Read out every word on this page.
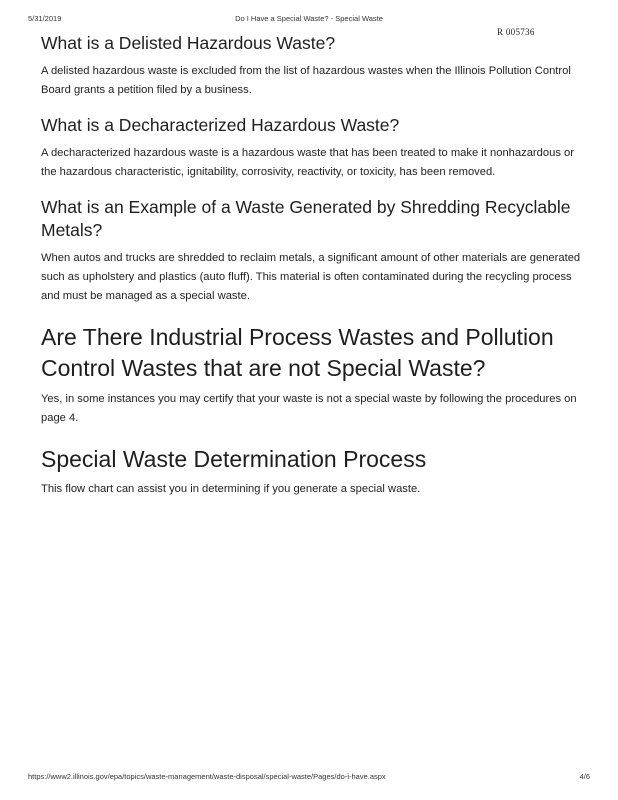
5/31/2019	Do I Have a Special Waste? - Special Waste
R 005736
What is a Delisted Hazardous Waste?

A delisted hazardous waste is excluded from the list of hazardous wastes when the Illinois Pollution Control Board grants a petition filed by a business.

What is a Decharacterized Hazardous Waste?

A decharacterized hazardous waste is a hazardous waste that has been treated to make it nonhazardous or the hazardous characteristic, ignitability, corrosivity, reactivity, or toxicity, has been removed.

What is an Example of a Waste Generated by Shredding Recyclable Metals?

When autos and trucks are shredded to reclaim metals, a significant amount of other materials are generated such as upholstery and plastics (auto fluff). This material is often contaminated during the recycling process and must be managed as a special waste.

Are There Industrial Process Wastes and Pollution Control Wastes that are not Special Waste?

Yes, in some instances you may certify that your waste is not a special waste by following the procedures on page 4.

Special Waste Determination Process

This flow chart can assist you in determining if you generate a special waste.

https://www2.illinois.gov/epa/topics/waste-management/waste-disposal/special-waste/Pages/do-i-have.aspx	4/6
